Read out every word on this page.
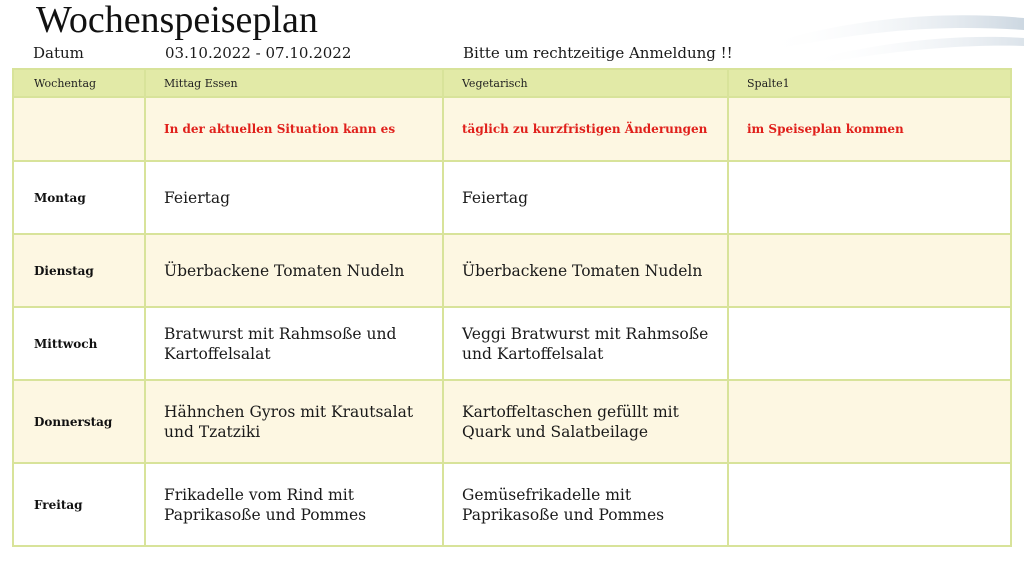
Wochenspeiseplan
Datum	03.10.2022 - 07.10.2022	Bitte um rechtzeitige Anmeldung !!
Wochentag	Mittag Essen	Vegetarisch	Spalte1
	In der aktuellen Situation kann es	täglich zu kurzfristigen Änderungen	im Speiseplan kommen
Montag	Feiertag	Feiertag	
Dienstag	Überbackene Tomaten Nudeln	Überbackene Tomaten Nudeln	
Mittwoch	Bratwurst mit Rahmsoße und Kartoffelsalat	Veggi Bratwurst mit Rahmsoße und Kartoffelsalat	
Donnerstag	Hähnchen Gyros mit Krautsalat und Tzatziki	Kartoffeltaschen gefüllt mit Quark und Salatbeilage	
Freitag	Frikadelle vom Rind mit Paprikasoße und Pommes	Gemüsefrikadelle mit Paprikasoße und Pommes	
